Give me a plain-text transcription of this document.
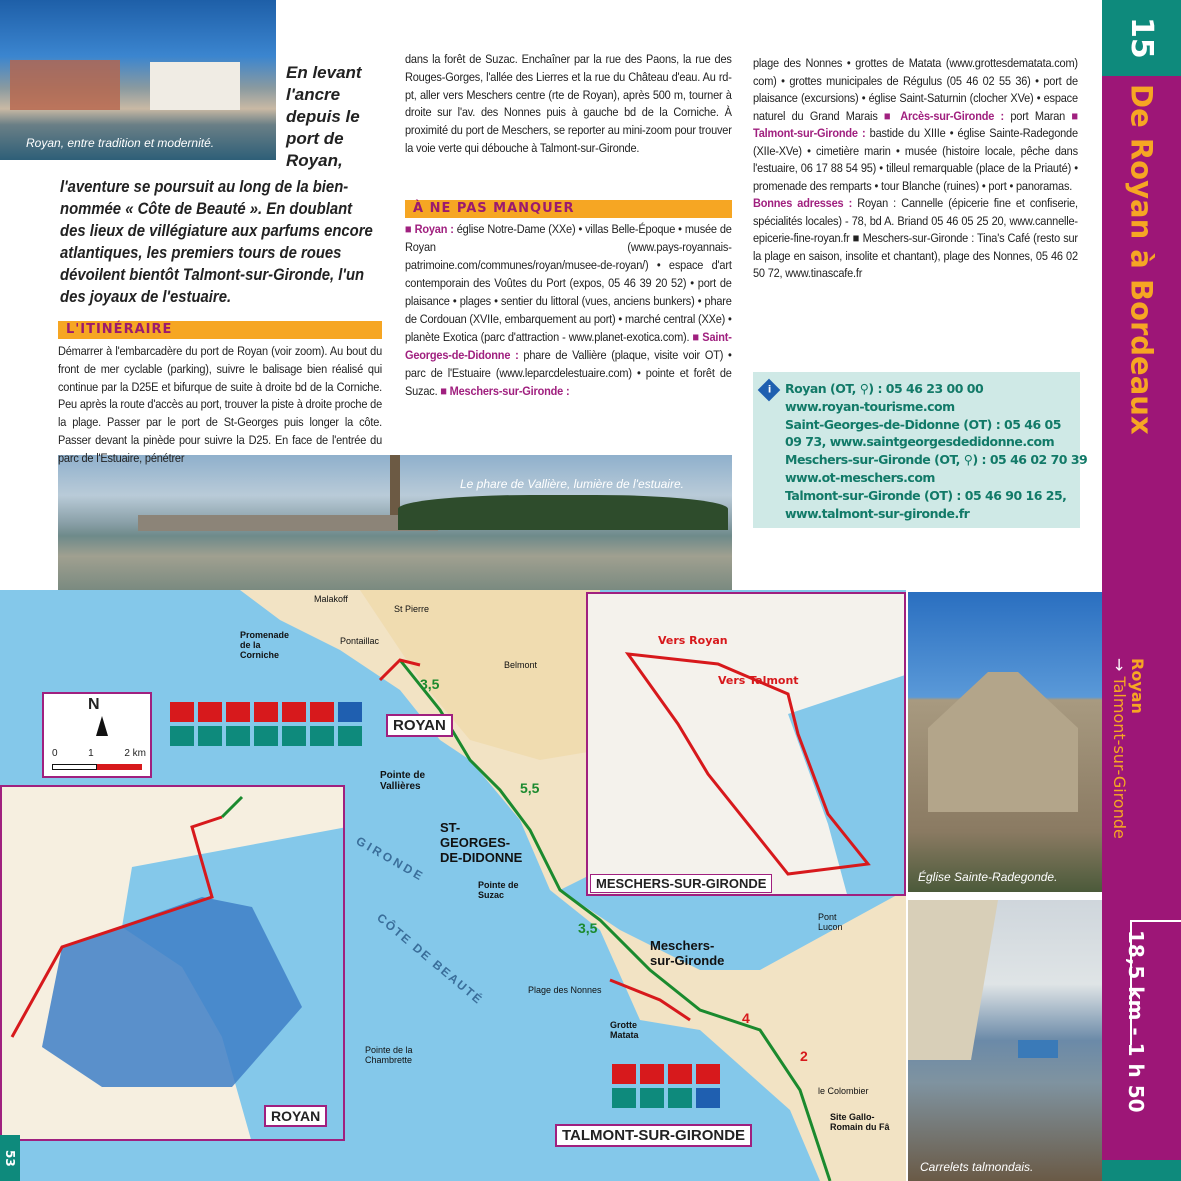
Royan, entre tradition et modernité.
En levant
l'ancre
depuis le
port de
Royan,
l'aventure se poursuit au long de la bien-nommée « Côte de Beauté ». En doublant des lieux de villégiature aux parfums encore atlantiques, les premiers tours de roues dévoilent bientôt Talmont-sur-Gironde, l'un des joyaux de l'estuaire.
L'ITINÉRAIRE
Le phare de Vallière, lumière de l'estuaire.
Démarrer à l'embarcadère du port de Royan (voir zoom). Au bout du front de mer cyclable (parking), suivre le balisage bien réalisé qui continue par la D25E et bifurque de suite à droite bd de la Corniche. Peu après la route d'accès au port, trouver la piste à droite proche de la plage. Passer par le port de St-Georges puis longer la côte. Passer devant la pinède pour suivre la D25. En face de l'entrée du parc de l'Estuaire, pénétrer
dans la forêt de Suzac. Enchaîner par la rue des Paons, la rue des Rouges-Gorges, l'allée des Lierres et la rue du Château d'eau. Au rd-pt, aller vers Meschers centre (rte de Royan), après 500 m, tourner à droite sur l'av. des Nonnes puis à gauche bd de la Corniche. À proximité du port de Meschers, se reporter au mini-zoom pour trouver la voie verte qui débouche à Talmont-sur-Gironde.
À NE PAS MANQUER
■ Royan : église Notre-Dame (XXe) • villas Belle-Époque • musée de Royan (www.pays-royannais-patrimoine.com/communes/royan/musee-de-royan/) • espace d'art contemporain des Voûtes du Port (expos, 05 46 39 20 52) • port de plaisance • plages • sentier du littoral (vues, anciens bunkers) • phare de Cordouan (XVIIe, embarquement au port) • marché central (XXe) • planète Exotica (parc d'attraction - www.planet-exotica.com). ■ Saint-Georges-de-Didonne : phare de Vallière (plaque, visite voir OT) • parc de l'Estuaire (www.leparcdelestuaire.com) • pointe et forêt de Suzac. ■ Meschers-sur-Gironde :
plage des Nonnes • grottes de Matata (www.grottesdematata.com) com) • grottes municipales de Régulus (05 46 02 55 36) • port de plaisance (excursions) • église Saint-Saturnin (clocher XVe) • espace naturel du Grand Marais ■ Arcès-sur-Gironde : port Maran ■ Talmont-sur-Gironde : bastide du XIIIe • église Sainte-Radegonde (XIIe-XVe) • cimetière marin • musée (histoire locale, pêche dans l'estuaire, 06 17 88 54 95) • tilleul remarquable (place de la Priauté) • promenade des remparts • tour Blanche (ruines) • port • panoramas.
Bonnes adresses : Royan : Cannelle (épicerie fine et confiserie, spécialités locales) - 78, bd A. Briand 05 46 05 25 20, www.cannelle-epicerie-fine-royan.fr ■ Meschers-sur-Gironde : Tina's Café (resto sur la plage en saison, insolite et chantant), plage des Nonnes, 05 46 02 50 72, www.tinascafe.fr
i	Royan (OT, ⚲) : 05 46 23 00 00
www.royan-tourisme.com
Saint-Georges-de-Didonne (OT) : 05 46 05
09 73, www.saintgeorgesdedidonne.com
Meschers-sur-Gironde (OT, ⚲) : 05 46 02 70 39
www.ot-meschers.com
Talmont-sur-Gironde (OT) : 05 46 90 16 25,
www.talmont-sur-gironde.fr
15
De Royan à Bordeaux
Royan
→ Talmont-sur-Gironde
18,5 km - 1 h 50
Église Sainte-Radegonde.
Carrelets talmondais.
ROYAN
Vers Royan
Vers Talmont
MESCHERS-SUR-GIRONDE
N
0	1	2 km
ROYAN
ST-GEORGES-DE-DIDONNE
Meschers-sur-Gironde
TALMONT-SUR-GIRONDE
Pointe de Vallières
Pointe de Suzac
Plage des Nonnes
Grotte Matata
Pointe de la Chambrette
Pont Lucon
le Colombier
Site Gallo-Romain du Fâ
Promenade de la Corniche
Belmont
St Pierre
Malakoff
Pontaillac
GIRONDE
CÔTE DE BEAUTÉ
3,5
5,5
3,5
4
2
53
